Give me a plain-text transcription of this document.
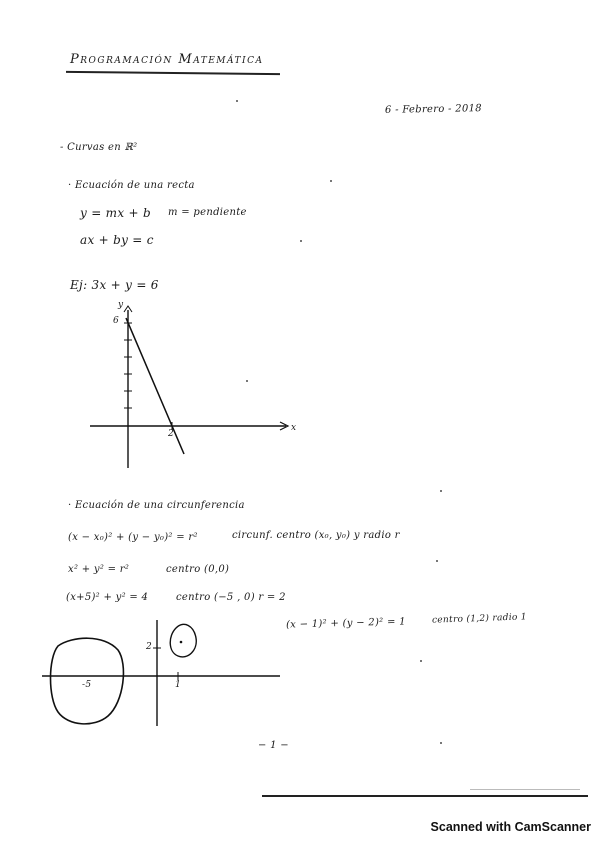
Programación Matemática
6 - Febrero - 2018
- Curvas en ℝ²
· Ecuación de una recta
y = mx + b m = pendiente
ax + by = c
Ej: 3x + y = 6
y
6
2
x
· Ecuación de una circunferencia
(x − x₀)² + (y − y₀)² = r²	circunf. centro (x₀, y₀) y radio r
x² + y² = r²	centro (0,0)
(x+5)² + y² = 4	centro (−5 , 0) r = 2
(x − 1)² + (y − 2)² = 1	centro (1,2) radio 1
-5	1
2
− 1 −
Scanned with CamScanner
